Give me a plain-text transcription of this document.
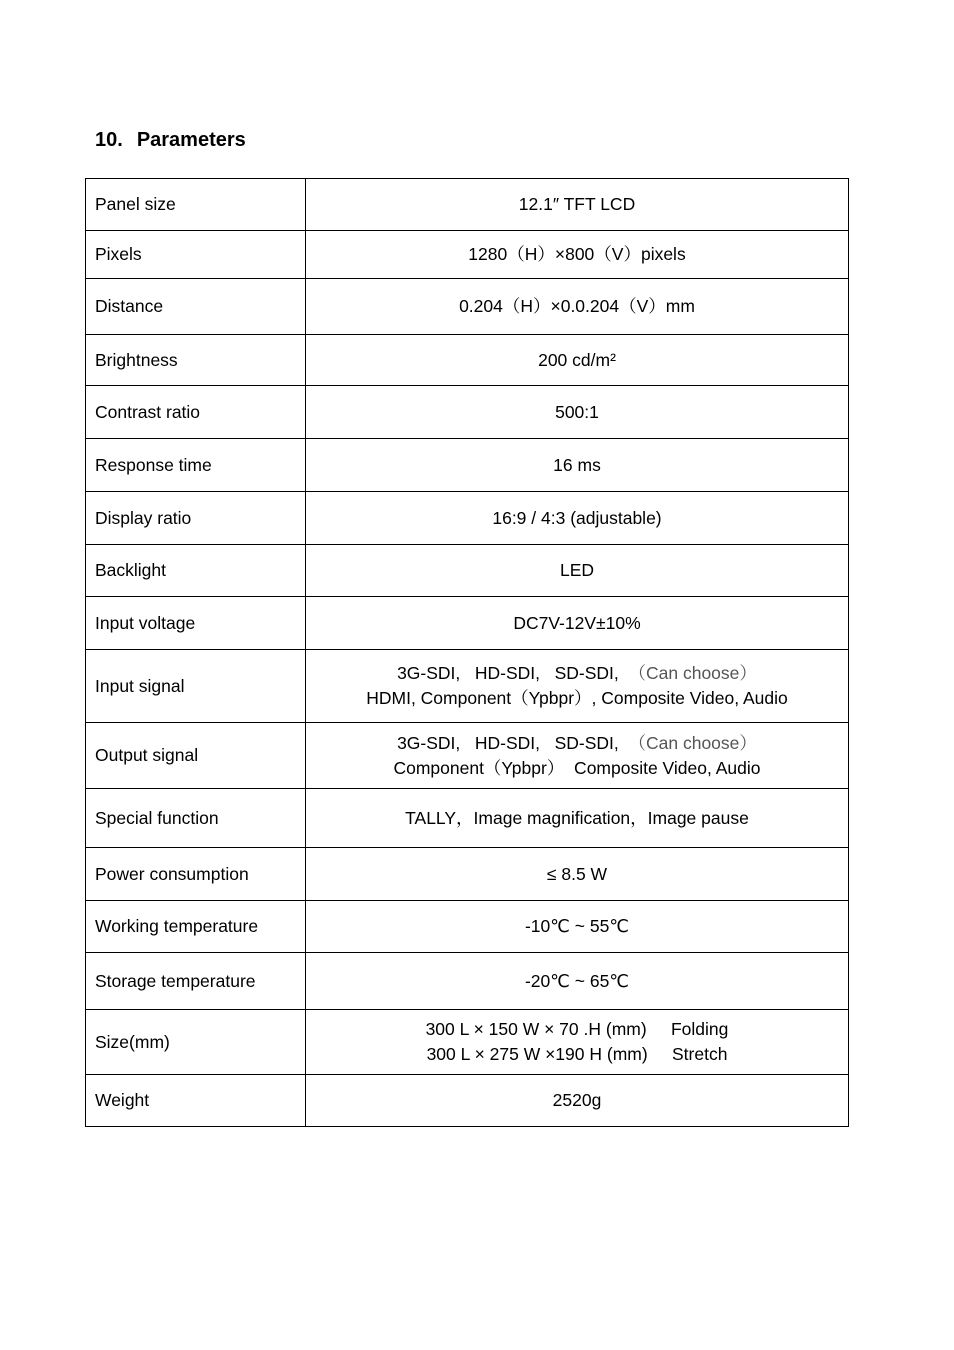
10. Parameters
Panel size	12.1″ TFT LCD
Pixels	1280（H）×800（V）pixels
Distance	0.204（H）×0.0.204（V）mm
Brightness	200 cd/m²
Contrast ratio	500:1
Response time	16 ms
Display ratio	16:9 / 4:3 (adjustable)
Backlight	LED
Input voltage	DC7V-12V±10%
Input signal	3G-SDI,   HD-SDI,   SD-SDI,  （Can choose）
HDMI, Component（Ypbpr）, Composite Video, Audio

Output signal	3G-SDI,   HD-SDI,   SD-SDI,  （Can choose）
Component（Ypbpr）  Composite Video, Audio

Special function	TALLY，Image magnification，Image pause
Power consumption	≤ 8.5 W
Working temperature	-10℃ ~ 55℃
Storage temperature	-20℃ ~ 65℃
Size(mm)	300 L × 150 W × 70 .H (mm)     Folding
300 L × 275 W ×190 H (mm)     Stretch

Weight	2520g
